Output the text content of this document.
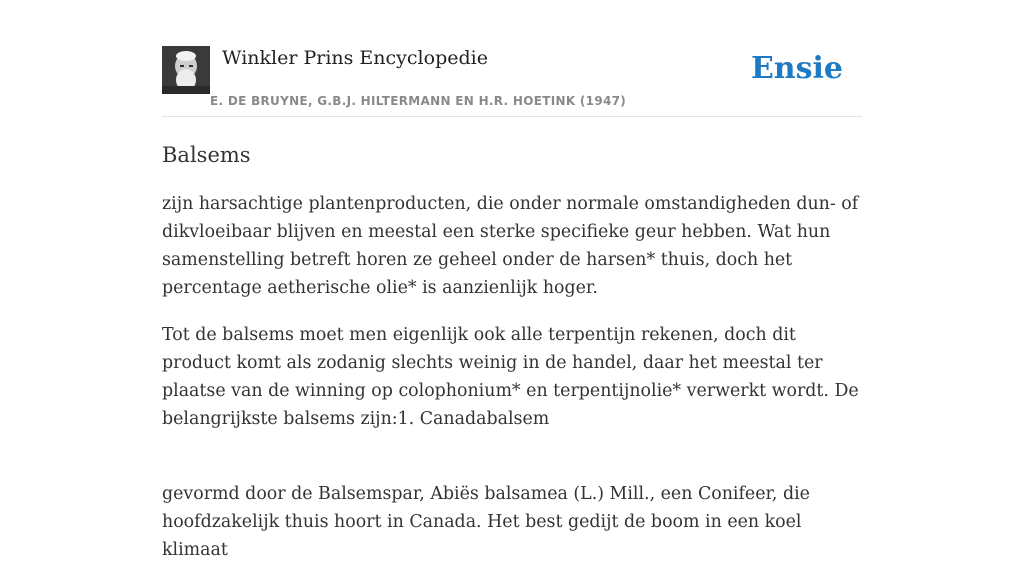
Winkler Prins Encyclopedie
E. DE BRUYNE, G.B.J. HILTERMANN EN H.R. HOETINK (1947)
Ensie
Balsems

zijn harsachtige plantenproducten, die onder normale omstandigheden dun- of dikvloeibaar blijven en meestal een sterke specifieke geur hebben. Wat hun samenstelling betreft horen ze geheel onder de harsen* thuis, doch het percentage aetherische olie* is aanzienlijk hoger.

Tot de balsems moet men eigenlijk ook alle terpentijn rekenen, doch dit product komt als zodanig slechts weinig in de handel, daar het meestal ter plaatse van de winning op colophonium* en terpentijnolie* verwerkt wordt. De belangrijkste balsems zijn:1. Canadabalsem

gevormd door de Balsemspar, Abiës balsamea (L.) Mill., een Conifeer, die hoofdzakelijk thuis hoort in Canada. Het best gedijt de boom in een koel klimaat
